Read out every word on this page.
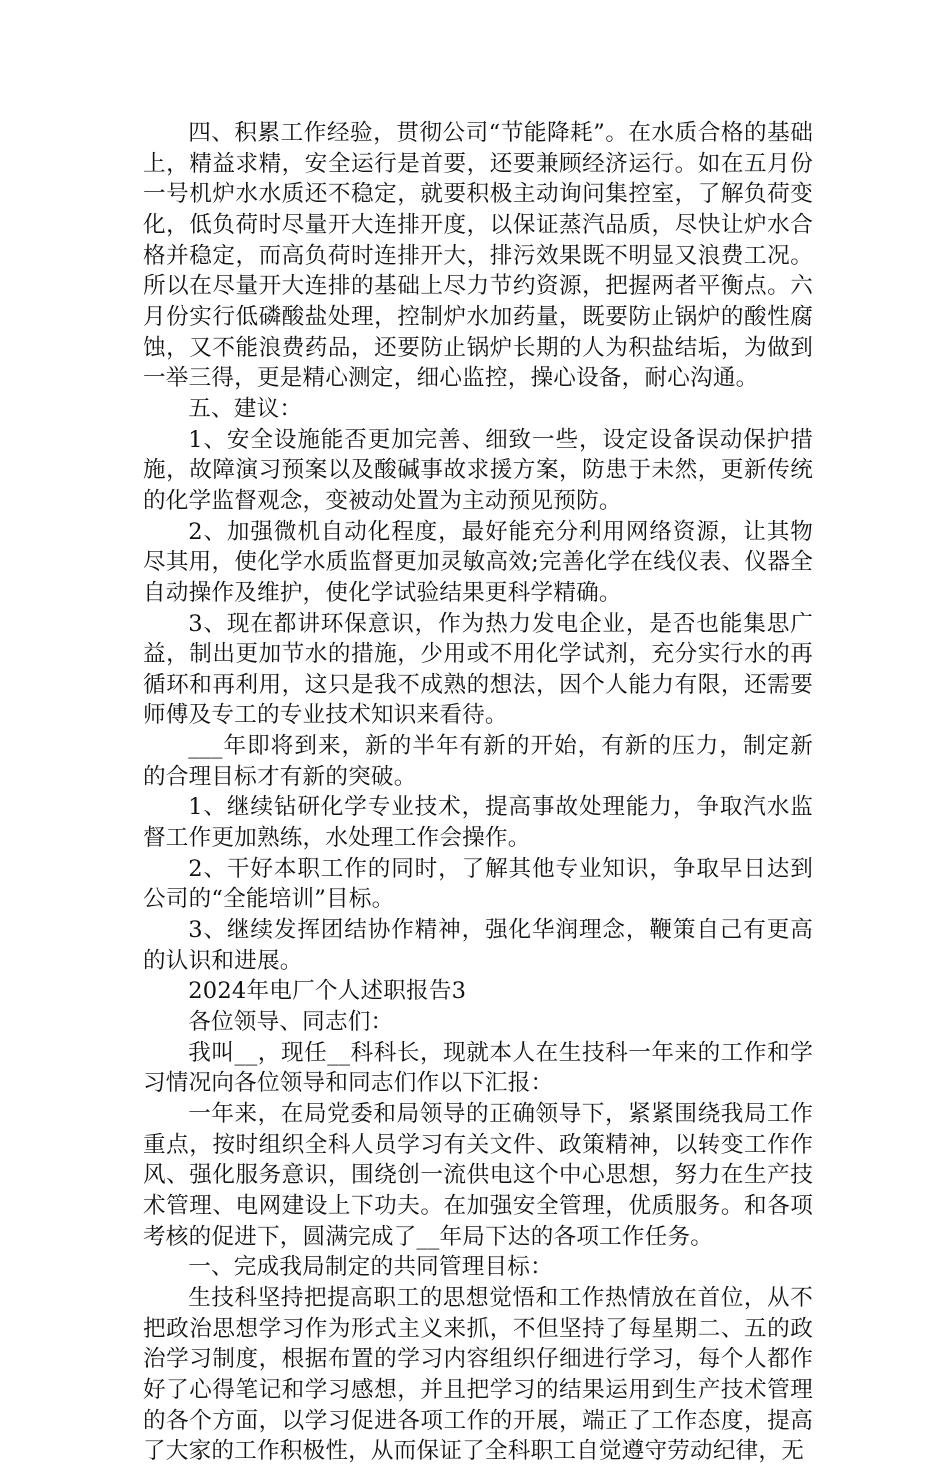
四、积累工作经验，贯彻公司“节能降耗”。在水质合格的基础上，精益求精，安全运行是首要，还要兼顾经济运行。如在五月份一号机炉水水质还不稳定，就要积极主动询问集控室，了解负荷变化，低负荷时尽量开大连排开度，以保证蒸汽品质，尽快让炉水合格并稳定，而高负荷时连排开大，排污效果既不明显又浪费工况。所以在尽量开大连排的基础上尽力节约资源，把握两者平衡点。六月份实行低磷酸盐处理，控制炉水加药量，既要防止锅炉的酸性腐蚀，又不能浪费药品，还要防止锅炉长期的人为积盐结垢，为做到一举三得，更是精心测定，细心监控，操心设备，耐心沟通。

五、建议：

1、安全设施能否更加完善、细致一些，设定设备误动保护措施，故障演习预案以及酸碱事故求援方案，防患于未然，更新传统的化学监督观念，变被动处置为主动预见预防。

2、加强微机自动化程度，最好能充分利用网络资源，让其物尽其用，使化学水质监督更加灵敏高效;完善化学在线仪表、仪器全自动操作及维护，使化学试验结果更科学精确。

3、现在都讲环保意识，作为热力发电企业，是否也能集思广益，制出更加节水的措施，少用或不用化学试剂，充分实行水的再循环和再利用，这只是我不成熟的想法，因个人能力有限，还需要师傅及专工的专业技术知识来看待。

___年即将到来，新的半年有新的开始，有新的压力，制定新的合理目标才有新的突破。

1、继续钻研化学专业技术，提高事故处理能力，争取汽水监督工作更加熟练，水处理工作会操作。

2、干好本职工作的同时，了解其他专业知识，争取早日达到公司的“全能培训”目标。

3、继续发挥团结协作精神，强化华润理念，鞭策自己有更高的认识和进展。

2024年电厂个人述职报告3

各位领导、同志们：

我叫__，现任__科科长，现就本人在生技科一年来的工作和学习情况向各位领导和同志们作以下汇报：

一年来，在局党委和局领导的正确领导下，紧紧围绕我局工作重点，按时组织全科人员学习有关文件、政策精神，以转变工作作风、强化服务意识，围绕创一流供电这个中心思想，努力在生产技术管理、电网建设上下功夫。在加强安全管理，优质服务。和各项考核的促进下，圆满完成了__年局下达的各项工作任务。

一、完成我局制定的共同管理目标：

生技科坚持把提高职工的思想觉悟和工作热情放在首位，从不把政治思想学习作为形式主义来抓，不但坚持了每星期二、五的政治学习制度，根据布置的学习内容组织仔细进行学习，每个人都作好了心得笔记和学习感想，并且把学习的结果运用到生产技术管理的各个方面，以学习促进各项工作的开展，端正了工作态度，提高了大家的工作积极性，从而保证了全科职工自觉遵守劳动纪律，无
